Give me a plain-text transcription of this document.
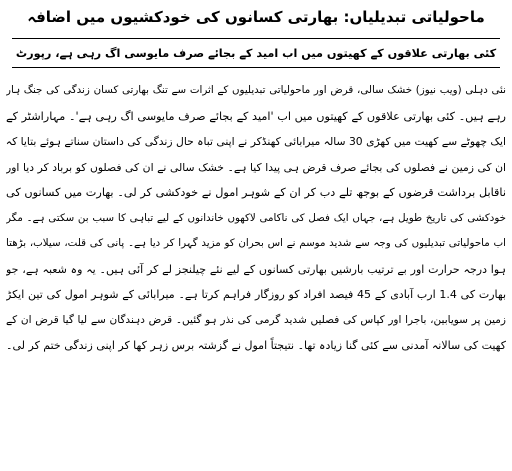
ماحولیاتی تبدیلیاں: بھارتی کسانوں کی خودکشیوں میں اضافہ
کئی بھارتی علاقوں کے کھیتوں میں اب امید کے بجائے صرف مایوسی اگ رہی ہے، رپورٹ
نئی دہلی (ویب نیوز) خشک سالی، قرض اور ماحولیاتی تبدیلیوں کے اثرات سے تنگ بھارتی کسان زندگی کی جنگ ہار
رہے ہیں۔ کئی بھارتی علاقوں کے کھیتوں میں اب 'امید کے بجائے صرف مایوسی اگ رہی ہے'۔ مہاراشٹر کے
ایک چھوٹے سے کھیت میں کھڑی 30 سالہ میرابائی کھنڈکر نے اپنی تباہ حال زندگی کی داستان سناتے ہوئے بتایا کہ
ان کی زمین نے فصلوں کی بجائے صرف قرض ہی پیدا کیا ہے۔ خشک سالی نے ان کی فصلوں کو برباد کر دیا اور
ناقابل برداشت قرضوں کے بوجھ تلے دب کر ان کے شوہر امول نے خودکشی کر لی۔ بھارت میں کسانوں کی
خودکشی کی تاریخ طویل ہے، جہاں ایک فصل کی ناکامی لاکھوں خاندانوں کے لیے تباہی کا سبب بن سکتی ہے۔ مگر
اب ماحولیاتی تبدیلیوں کی وجہ سے شدید موسم نے اس بحران کو مزید گہرا کر دیا ہے۔ پانی کی قلت، سیلاب، بڑھتا
ہوا درجہ حرارت اور بے ترتیب بارشیں بھارتی کسانوں کے لیے نئے چیلنجز لے کر آئی ہیں۔ یہ وہ شعبہ ہے، جو
بھارت کی 1.4 ارب آبادی کے 45 فیصد افراد کو روزگار فراہم کرتا ہے۔ میرابائی کے شوہر امول کی تین ایکڑ
زمین پر سویابین، باجرا اور کپاس کی فصلیں شدید گرمی کی نذر ہو گئیں۔ قرض دہندگان سے لیا گیا قرض ان کے
کھیت کی سالانہ آمدنی سے کئی گنا زیادہ تھا۔ نتیجتاً امول نے گزشتہ برس زہر کھا کر اپنی زندگی ختم کر لی۔
